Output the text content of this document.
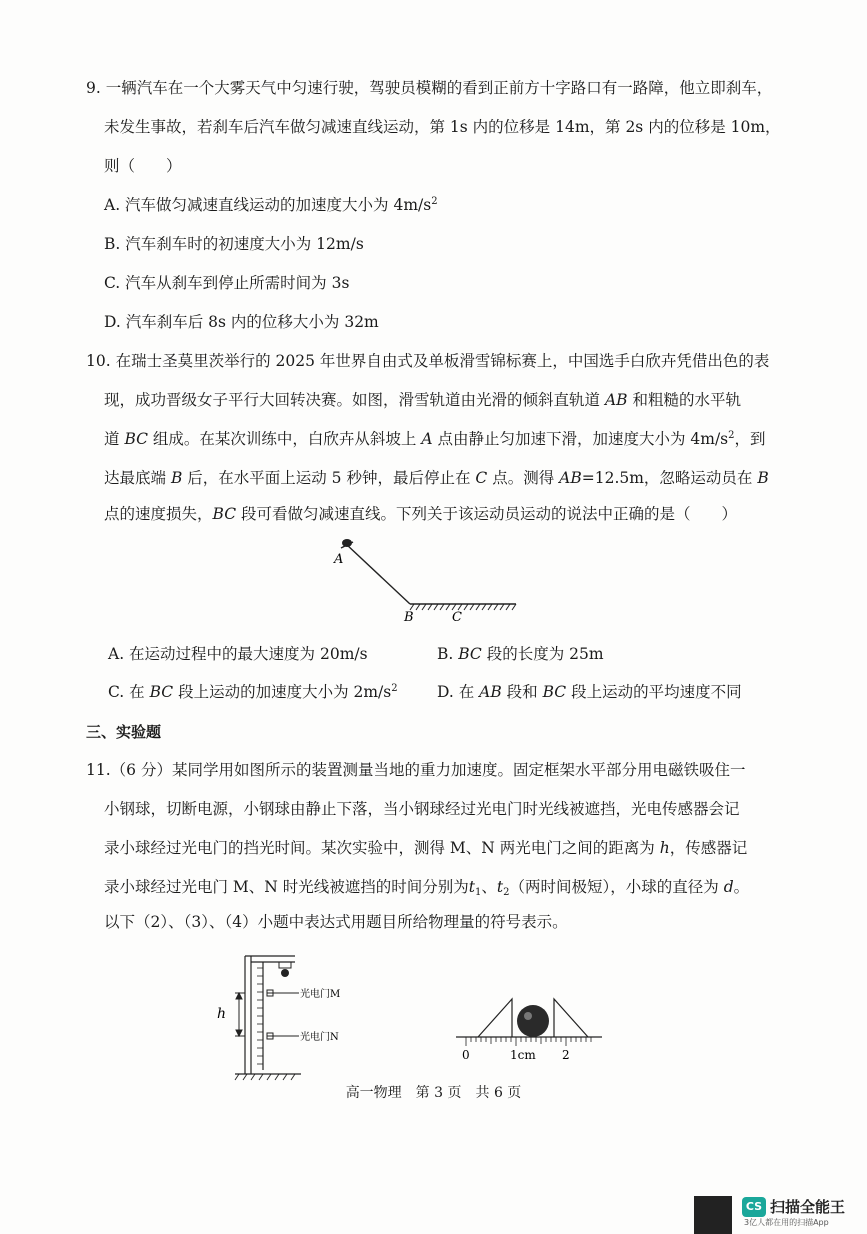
9. 一辆汽车在一个大雾天气中匀速行驶，驾驶员模糊的看到正前方十字路口有一路障，他立即刹车，
未发生事故，若刹车后汽车做匀减速直线运动，第 1s 内的位移是 14m，第 2s 内的位移是 10m，
则（　　）
A. 汽车做匀减速直线运动的加速度大小为 $4m/s^2$
B. 汽车刹车时的初速度大小为 12m/s
C. 汽车从刹车到停止所需时间为 3s
D. 汽车刹车后 8s 内的位移大小为 32m
10. 在瑞士圣莫里茨举行的 2025 年世界自由式及单板滑雪锦标赛上，中国选手白欣卉凭借出色的表
现，成功晋级女子平行大回转决赛。如图，滑雪轨道由光滑的倾斜直轨道 AB 和粗糙的水平轨
道 BC 组成。在某次训练中，白欣卉从斜坡上 A 点由静止匀加速下滑，加速度大小为 $4m/s^2$，到
达最底端 B 后，在水平面上运动 5 秒钟，最后停止在 C 点。测得 AB=12.5m，忽略运动员在 B
点的速度损失，BC 段可看做匀减速直线。下列关于该运动员运动的说法中正确的是（　　）
A
B	C
A. 在运动过程中的最大速度为 20m/s	B. BC 段的长度为 25m
C. 在 BC 段上运动的加速度大小为 $2m/s^2$	D. 在 AB 段和 BC 段上运动的平均速度不同
三、实验题
11.（6 分）某同学用如图所示的装置测量当地的重力加速度。固定框架水平部分用电磁铁吸住一
小钢球，切断电源，小钢球由静止下落，当小钢球经过光电门时光线被遮挡，光电传感器会记
录小球经过光电门的挡光时间。某次实验中，测得 M、N 两光电门之间的距离为 h，传感器记
录小球经过光电门 M、N 时光线被遮挡的时间分别为$t_1$、$t_2$（两时间极短），小球的直径为 d。
以下（2）、（3）、（4）小题中表达式用题目所给物理量的符号表示。
h
光电门M
光电门N
0	1cm 2
高一物理　第 3 页　共 6 页
CS 扫描全能王
3亿人都在用的扫描App
